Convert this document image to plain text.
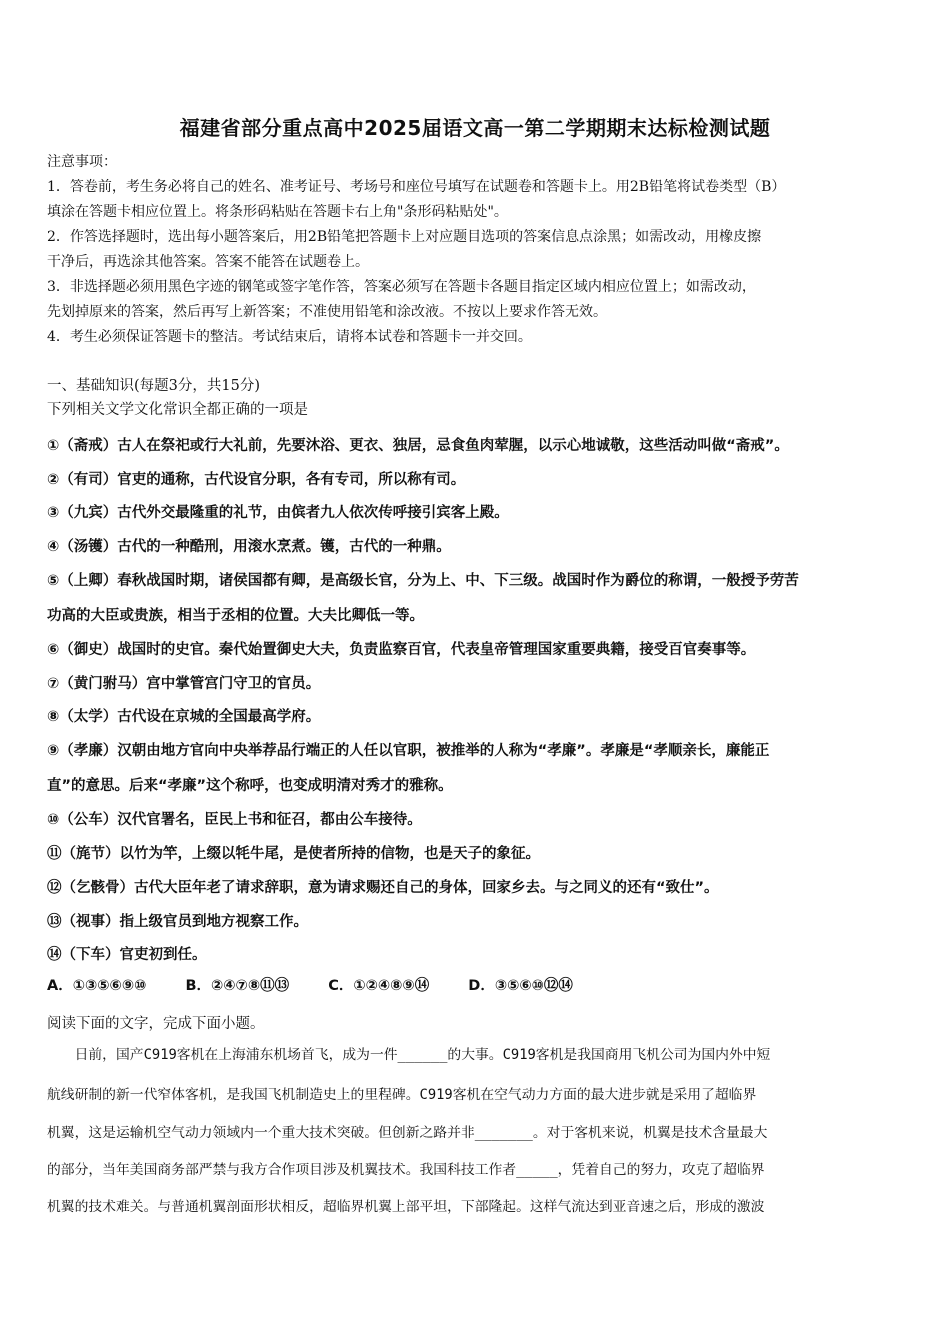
福建省部分重点高中2025届语文高一第二学期期末达标检测试题
注意事项：
1．答卷前，考生务必将自己的姓名、准考证号、考场号和座位号填写在试题卷和答题卡上。用2B铅笔将试卷类型（B）
填涂在答题卡相应位置上。将条形码粘贴在答题卡右上角"条形码粘贴处"。
2．作答选择题时，选出每小题答案后，用2B铅笔把答题卡上对应题目选项的答案信息点涂黑；如需改动，用橡皮擦
干净后，再选涂其他答案。答案不能答在试题卷上。
3．非选择题必须用黑色字迹的钢笔或签字笔作答，答案必须写在答题卡各题目指定区域内相应位置上；如需改动，
先划掉原来的答案，然后再写上新答案；不准使用铅笔和涂改液。不按以上要求作答无效。
4．考生必须保证答题卡的整洁。考试结束后，请将本试卷和答题卡一并交回。
一、基础知识(每题3分，共15分)
下列相关文学文化常识全都正确的一项是
①（斋戒）古人在祭祀或行大礼前，先要沐浴、更衣、独居，忌食鱼肉荤腥，以示心地诚敬，这些活动叫做“斋戒”。
②（有司）官吏的通称，古代设官分职，各有专司，所以称有司。
③（九宾）古代外交最隆重的礼节，由傧者九人依次传呼接引宾客上殿。
④（汤镬）古代的一种酷刑，用滚水烹煮。镬，古代的一种鼎。
⑤（上卿）春秋战国时期，诸侯国都有卿，是高级长官，分为上、中、下三级。战国时作为爵位的称谓，一般授予劳苦
功高的大臣或贵族，相当于丞相的位置。大夫比卿低一等。
⑥（御史）战国时的史官。秦代始置御史大夫，负责监察百官，代表皇帝管理国家重要典籍，接受百官奏事等。
⑦（黄门驸马）宫中掌管宫门守卫的官员。
⑧（太学）古代设在京城的全国最高学府。
⑨（孝廉）汉朝由地方官向中央举荐品行端正的人任以官职，被推举的人称为“孝廉”。孝廉是“孝顺亲长，廉能正
直”的意思。后来“孝廉”这个称呼，也变成明清对秀才的雅称。
⑩（公车）汉代官署名，臣民上书和征召，都由公车接待。
⑪（旄节）以竹为竿，上缀以牦牛尾，是使者所持的信物，也是天子的象征。
⑫（乞骸骨）古代大臣年老了请求辞职，意为请求赐还自己的身体，回家乡去。与之同义的还有“致仕”。
⑬（视事）指上级官员到地方视察工作。
⑭（下车）官吏初到任。
A．①③⑤⑥⑨⑩	B．②④⑦⑧⑪⑬	C．①②④⑧⑨⑭	D．③⑤⑥⑩⑫⑭
阅读下面的文字，完成下面小题。
　　日前，国产C919客机在上海浦东机场首飞，成为一件______的大事。C919客机是我国商用飞机公司为国内外中短
航线研制的新一代窄体客机，是我国飞机制造史上的里程碑。C919客机在空气动力方面的最大进步就是采用了超临界
机翼，这是运输机空气动力领域内一个重大技术突破。但创新之路并非_______。对于客机来说，机翼是技术含量最大
的部分，当年美国商务部严禁与我方合作项目涉及机翼技术。我国科技工作者_____，凭着自己的努力，攻克了超临界
机翼的技术难关。与普通机翼剖面形状相反，超临界机翼上部平坦，下部隆起。这样气流达到亚音速之后，形成的激波
